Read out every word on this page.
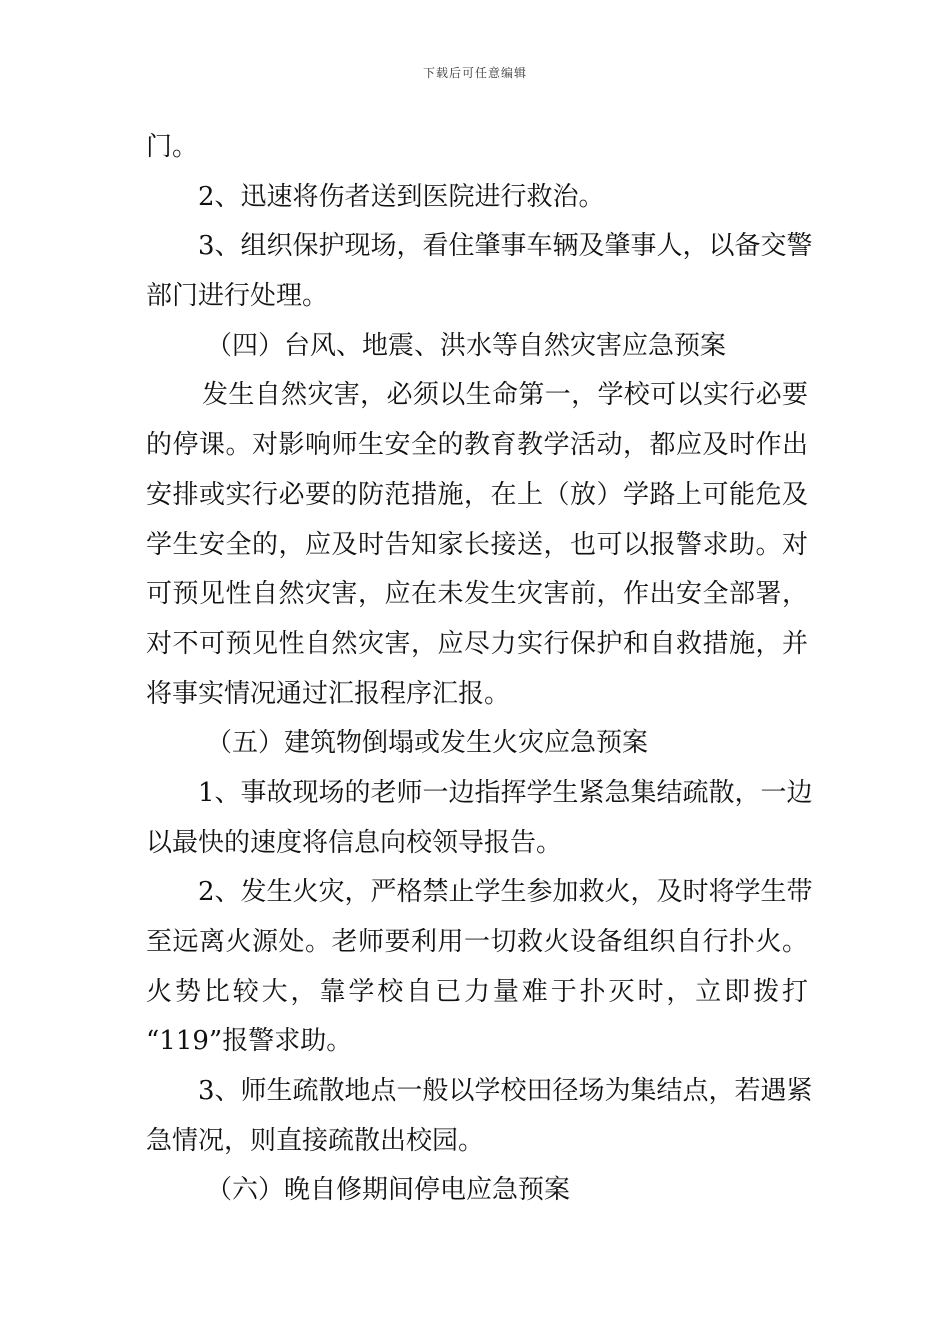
下载后可任意编辑
门。
2、迅速将伤者送到医院进行救治。
3、组织保护现场，看住肇事车辆及肇事人，以备交警
部门进行处理。
（四）台风、地震、洪水等自然灾害应急预案
发生自然灾害，必须以生命第一，学校可以实行必要
的停课。对影响师生安全的教育教学活动，都应及时作出
安排或实行必要的防范措施，在上（放）学路上可能危及
学生安全的，应及时告知家长接送，也可以报警求助。对
可预见性自然灾害，应在未发生灾害前，作出安全部署，
对不可预见性自然灾害，应尽力实行保护和自救措施，并
将事实情况通过汇报程序汇报。
（五）建筑物倒塌或发生火灾应急预案
1、事故现场的老师一边指挥学生紧急集结疏散，一边
以最快的速度将信息向校领导报告。
2、发生火灾，严格禁止学生参加救火，及时将学生带
至远离火源处。老师要利用一切救火设备组织自行扑火。
火势比较大，靠学校自已力量难于扑灭时，立即拨打
“119”报警求助。
3、师生疏散地点一般以学校田径场为集结点，若遇紧
急情况，则直接疏散出校园。
（六）晚自修期间停电应急预案
